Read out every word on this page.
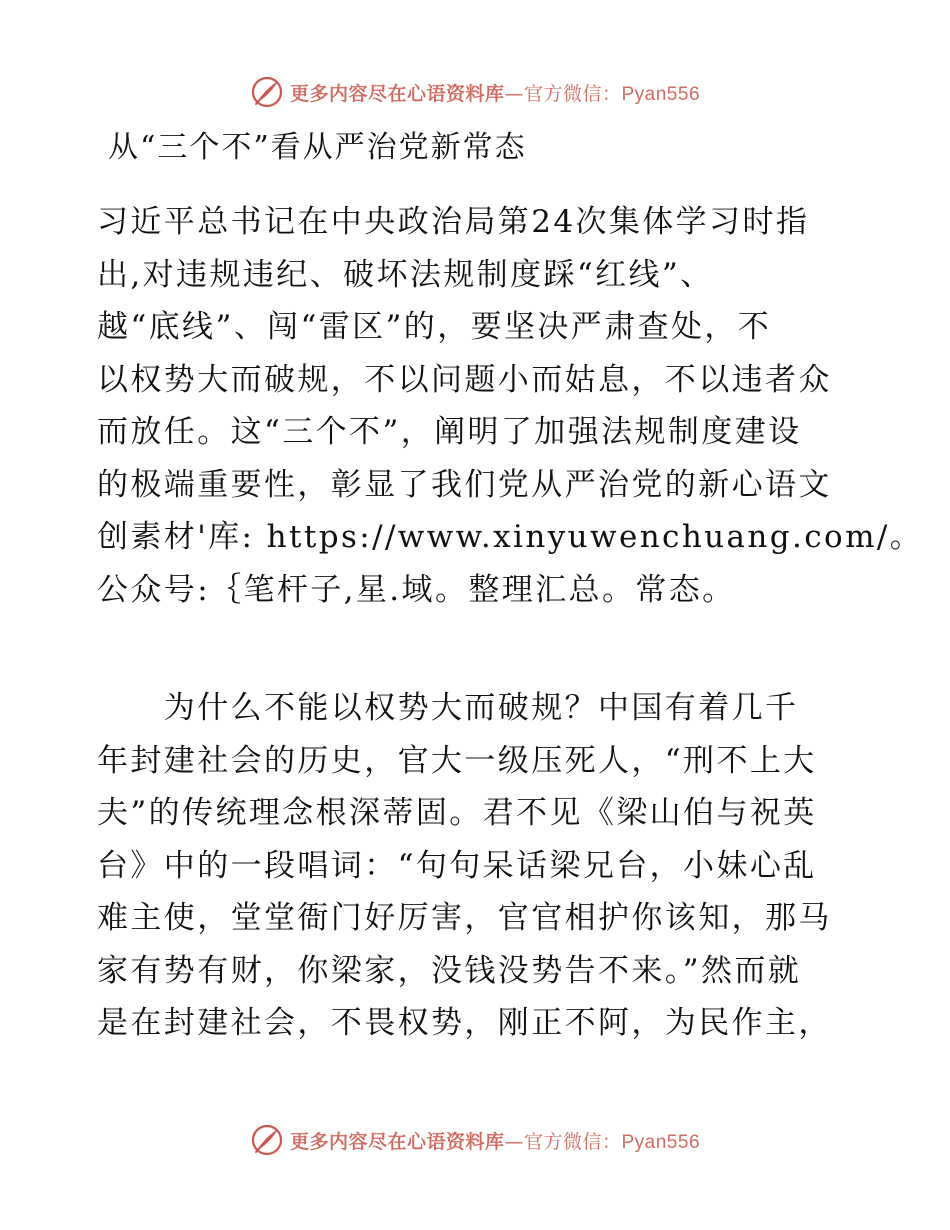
更多内容尽在心语资料库—官方微信：Pyan556
从“三个不”看从严治党新常态
习近平总书记在中央政治局第24次集体学习时指
出,对违规违纪、破坏法规制度踩“红线”、
越“底线”、闯“雷区”的，要坚决严肃查处，不
以权势大而破规，不以问题小而姑息，不以违者众
而放任。这“三个不”，阐明了加强法规制度建设
的极端重要性，彰显了我们党从严治党的新心语文
创素材'库: https://www.xinyuwenchuang.com/。
公众号:｛笔杆子,星.域。整理汇总。常态。
　　为什么不能以权势大而破规？中国有着几千
年封建社会的历史，官大一级压死人，“刑不上大
夫”的传统理念根深蒂固。君不见《梁山伯与祝英
台》中的一段唱词：“句句呆话梁兄台，小妹心乱
难主使，堂堂衙门好厉害，官官相护你该知，那马
家有势有财，你梁家，没钱没势告不来。”然而就
是在封建社会，不畏权势，刚正不阿，为民作主，
更多内容尽在心语资料库—官方微信：Pyan556
